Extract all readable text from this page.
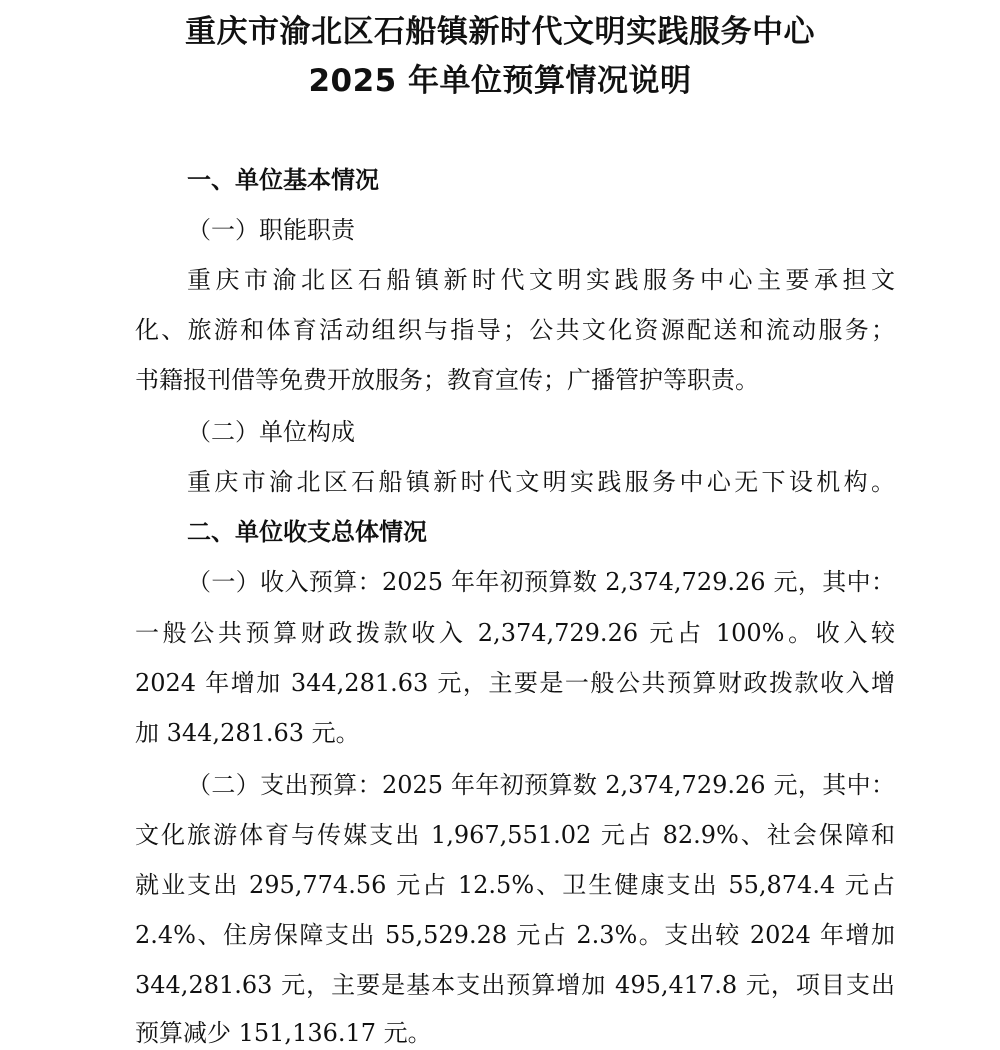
重庆市渝北区石船镇新时代文明实践服务中心
2025 年单位预算情况说明

一、单位基本情况

（一）职能职责

重庆市渝北区石船镇新时代文明实践服务中心主要承担文

化、旅游和体育活动组织与指导；公共文化资源配送和流动服务；

书籍报刊借等免费开放服务；教育宣传；广播管护等职责。

（二）单位构成

重庆市渝北区石船镇新时代文明实践服务中心无下设机构。

二、单位收支总体情况

（一）收入预算：2025 年年初预算数 2,374,729.26 元，其中：

一般公共预算财政拨款收入 2,374,729.26 元占 100%。收入较

2024 年增加 344,281.63 元，主要是一般公共预算财政拨款收入增

加 344,281.63 元。

（二）支出预算：2025 年年初预算数 2,374,729.26 元，其中：

文化旅游体育与传媒支出 1,967,551.02 元占 82.9%、社会保障和

就业支出 295,774.56 元占 12.5%、卫生健康支出 55,874.4 元占

2.4%、住房保障支出 55,529.28 元占 2.3%。支出较 2024 年增加

344,281.63 元，主要是基本支出预算增加 495,417.8 元，项目支出

预算减少 151,136.17 元。
